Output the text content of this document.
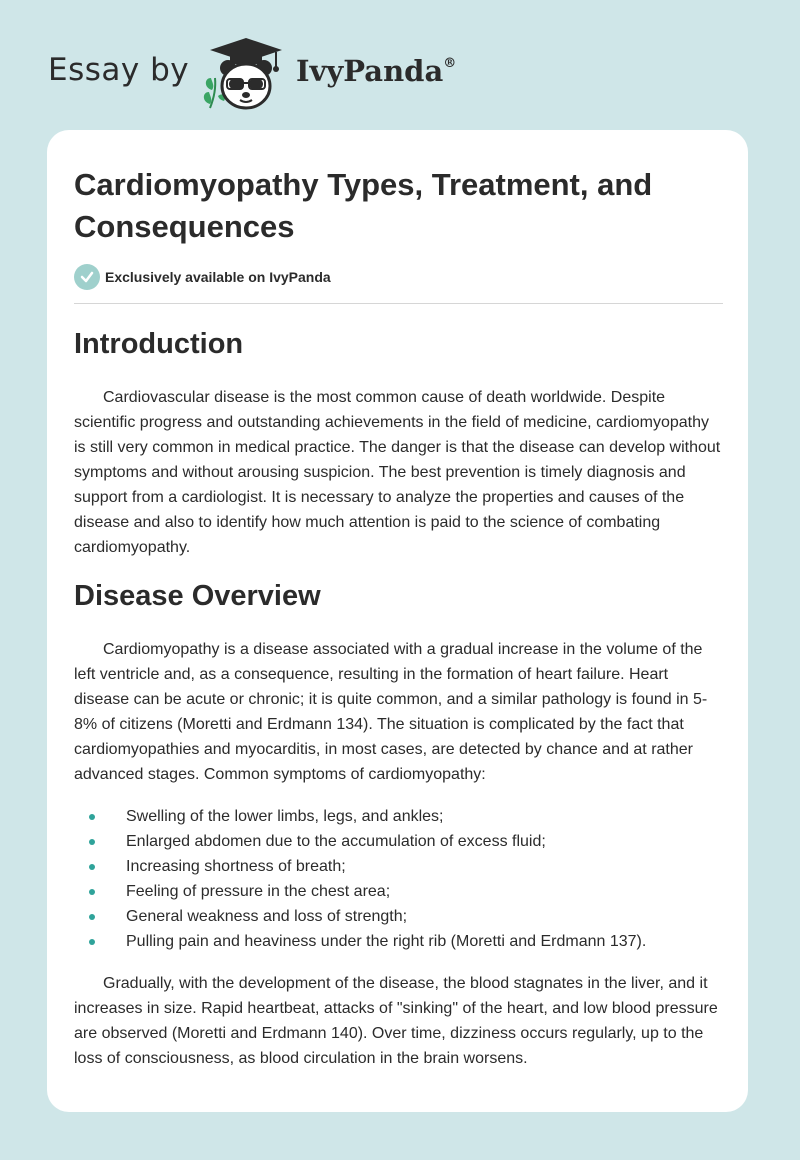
Essay by	IvyPanda®
Cardiomyopathy Types, Treatment, and Consequences
Exclusively available on IvyPanda
Introduction

Cardiovascular disease is the most common cause of death worldwide. Despite scientific progress and outstanding achievements in the field of medicine, cardiomyopathy is still very common in medical practice. The danger is that the disease can develop without symptoms and without arousing suspicion. The best prevention is timely diagnosis and support from a cardiologist. It is necessary to analyze the properties and causes of the disease and also to identify how much attention is paid to the science of combating cardiomyopathy.

Disease Overview

Cardiomyopathy is a disease associated with a gradual increase in the volume of the left ventricle and, as a consequence, resulting in the formation of heart failure. Heart disease can be acute or chronic; it is quite common, and a similar pathology is found in 5-8% of citizens (Moretti and Erdmann 134). The situation is complicated by the fact that cardiomyopathies and myocarditis, in most cases, are detected by chance and at rather advanced stages. Common symptoms of cardiomyopathy:

Swelling of the lower limbs, legs, and ankles;
Enlarged abdomen due to the accumulation of excess fluid;
Increasing shortness of breath;
Feeling of pressure in the chest area;
General weakness and loss of strength;
Pulling pain and heaviness under the right rib (Moretti and Erdmann 137).

Gradually, with the development of the disease, the blood stagnates in the liver, and it increases in size. Rapid heartbeat, attacks of "sinking" of the heart, and low blood pressure are observed (Moretti and Erdmann 140). Over time, dizziness occurs regularly, up to the loss of consciousness, as blood circulation in the brain worsens.
